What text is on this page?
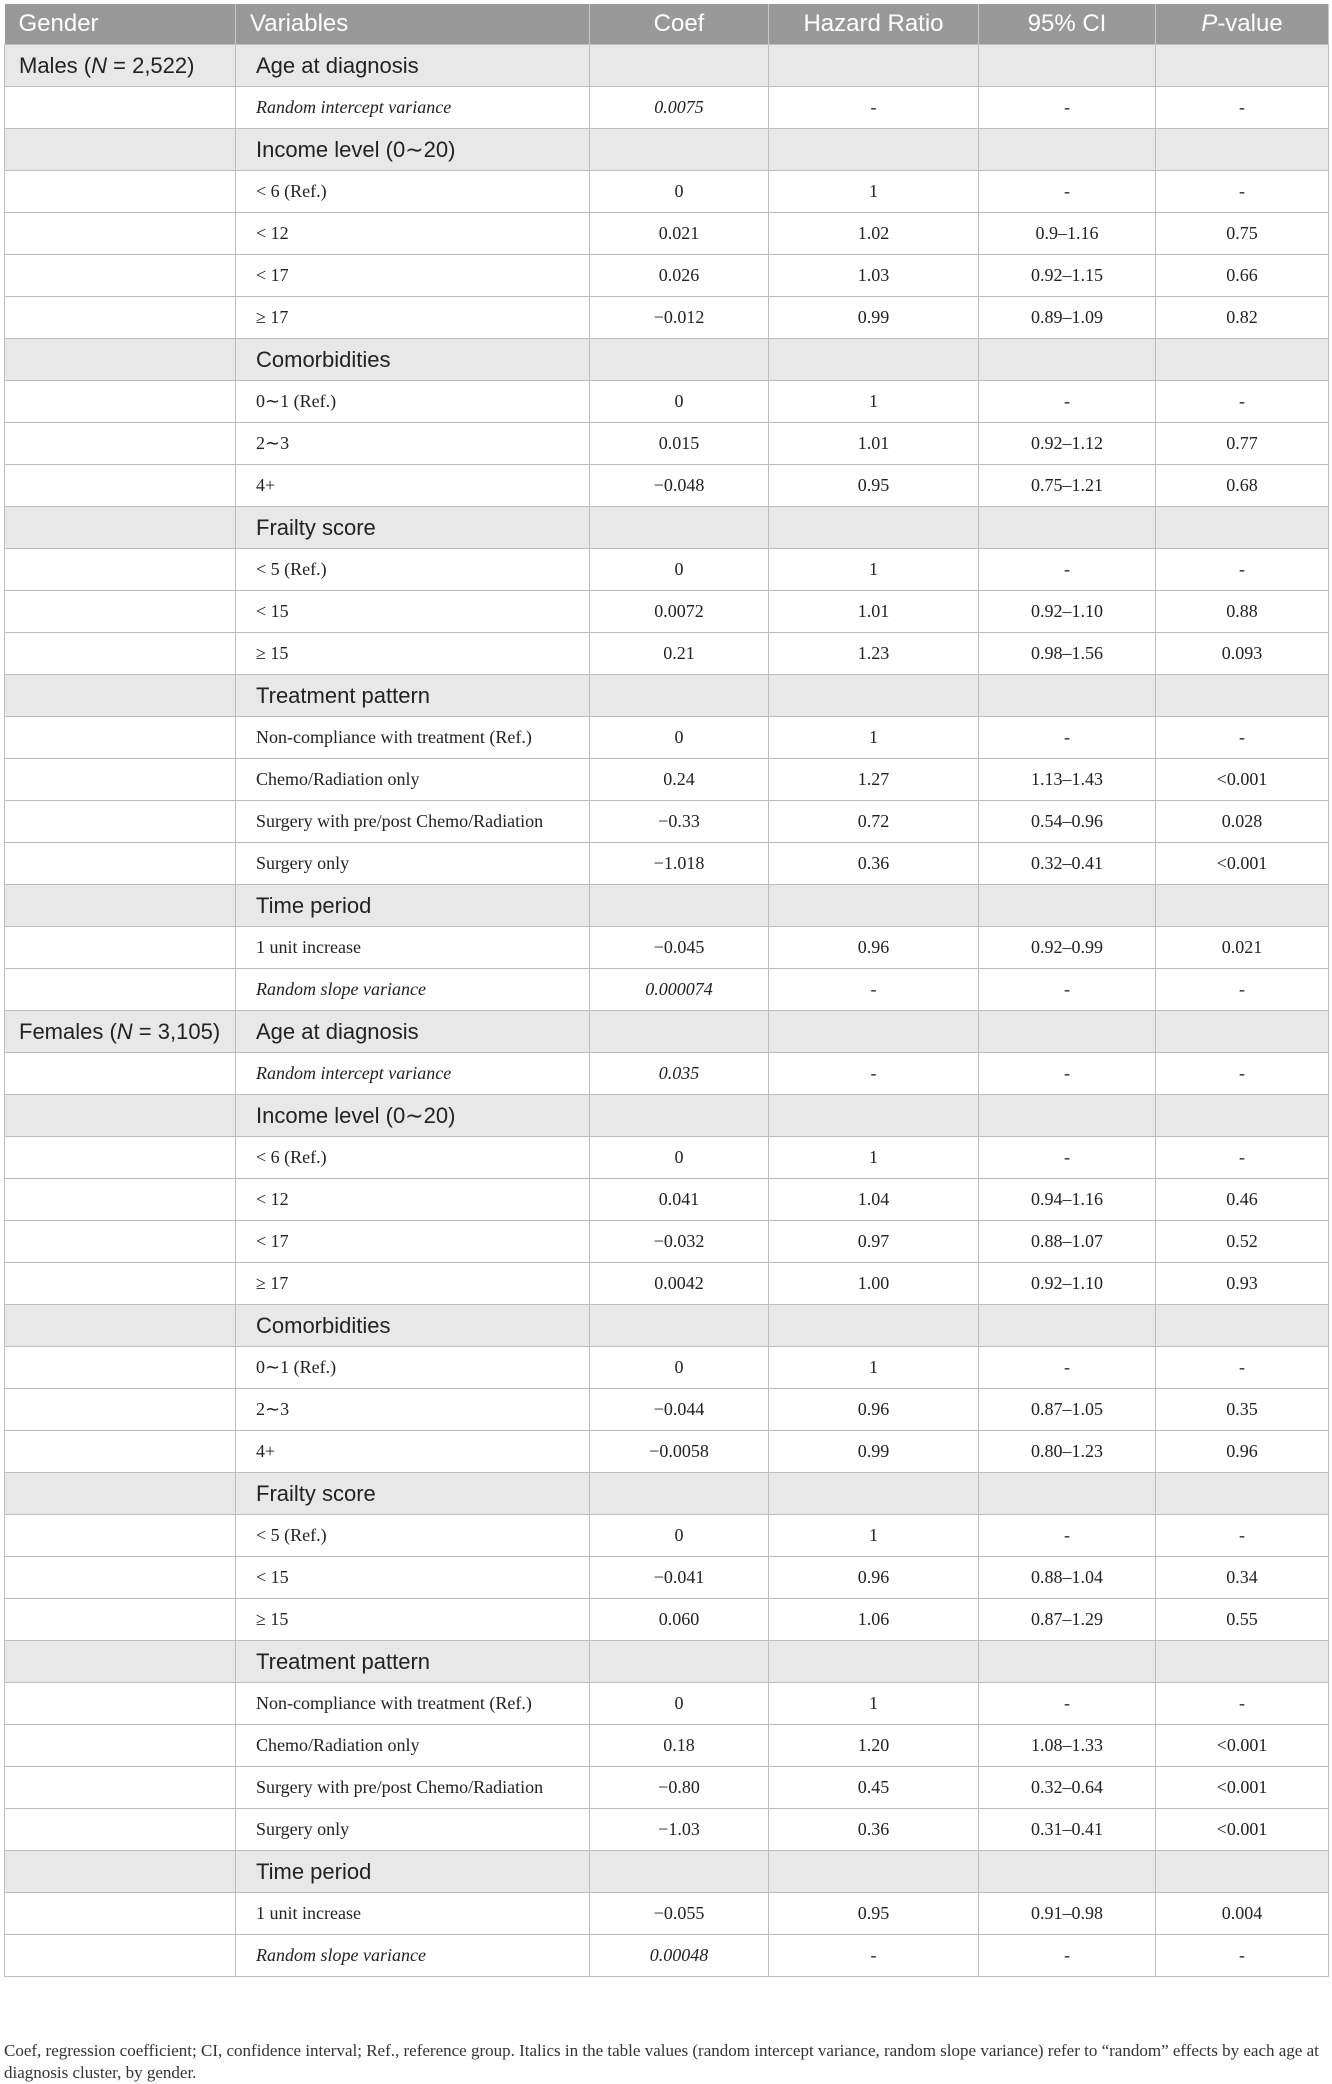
Gender	Variables	Coef	Hazard Ratio	95% CI	P-value
Males (N = 2,522)	Age at diagnosis				
	Random intercept variance	0.0075	-	-	-
	Income level (0∼20)				
	< 6 (Ref.)	0	1	-	-
	< 12	0.021	1.02	0.9–1.16	0.75
	< 17	0.026	1.03	0.92–1.15	0.66
	≥ 17	−0.012	0.99	0.89–1.09	0.82
	Comorbidities				
	0∼1 (Ref.)	0	1	-	-
	2∼3	0.015	1.01	0.92–1.12	0.77
	4+	−0.048	0.95	0.75–1.21	0.68
	Frailty score				
	< 5 (Ref.)	0	1	-	-
	< 15	0.0072	1.01	0.92–1.10	0.88
	≥ 15	0.21	1.23	0.98–1.56	0.093
	Treatment pattern				
	Non-compliance with treatment (Ref.)	0	1	-	-
	Chemo/Radiation only	0.24	1.27	1.13–1.43	<0.001
	Surgery with pre/post Chemo/Radiation	−0.33	0.72	0.54–0.96	0.028
	Surgery only	−1.018	0.36	0.32–0.41	<0.001
	Time period				
	1 unit increase	−0.045	0.96	0.92–0.99	0.021
	Random slope variance	0.000074	-	-	-
Females (N = 3,105)	Age at diagnosis				
	Random intercept variance	0.035	-	-	-
	Income level (0∼20)				
	< 6 (Ref.)	0	1	-	-
	< 12	0.041	1.04	0.94–1.16	0.46
	< 17	−0.032	0.97	0.88–1.07	0.52
	≥ 17	0.0042	1.00	0.92–1.10	0.93
	Comorbidities				
	0∼1 (Ref.)	0	1	-	-
	2∼3	−0.044	0.96	0.87–1.05	0.35
	4+	−0.0058	0.99	0.80–1.23	0.96
	Frailty score				
	< 5 (Ref.)	0	1	-	-
	< 15	−0.041	0.96	0.88–1.04	0.34
	≥ 15	0.060	1.06	0.87–1.29	0.55
	Treatment pattern				
	Non-compliance with treatment (Ref.)	0	1	-	-
	Chemo/Radiation only	0.18	1.20	1.08–1.33	<0.001
	Surgery with pre/post Chemo/Radiation	−0.80	0.45	0.32–0.64	<0.001
	Surgery only	−1.03	0.36	0.31–0.41	<0.001
	Time period				
	1 unit increase	−0.055	0.95	0.91–0.98	0.004
	Random slope variance	0.00048	-	-	-
Coef, regression coefficient; CI, confidence interval; Ref., reference group. Italics in the table values (random intercept variance, random slope variance) refer to “random” effects by each age at diagnosis cluster, by gender.
